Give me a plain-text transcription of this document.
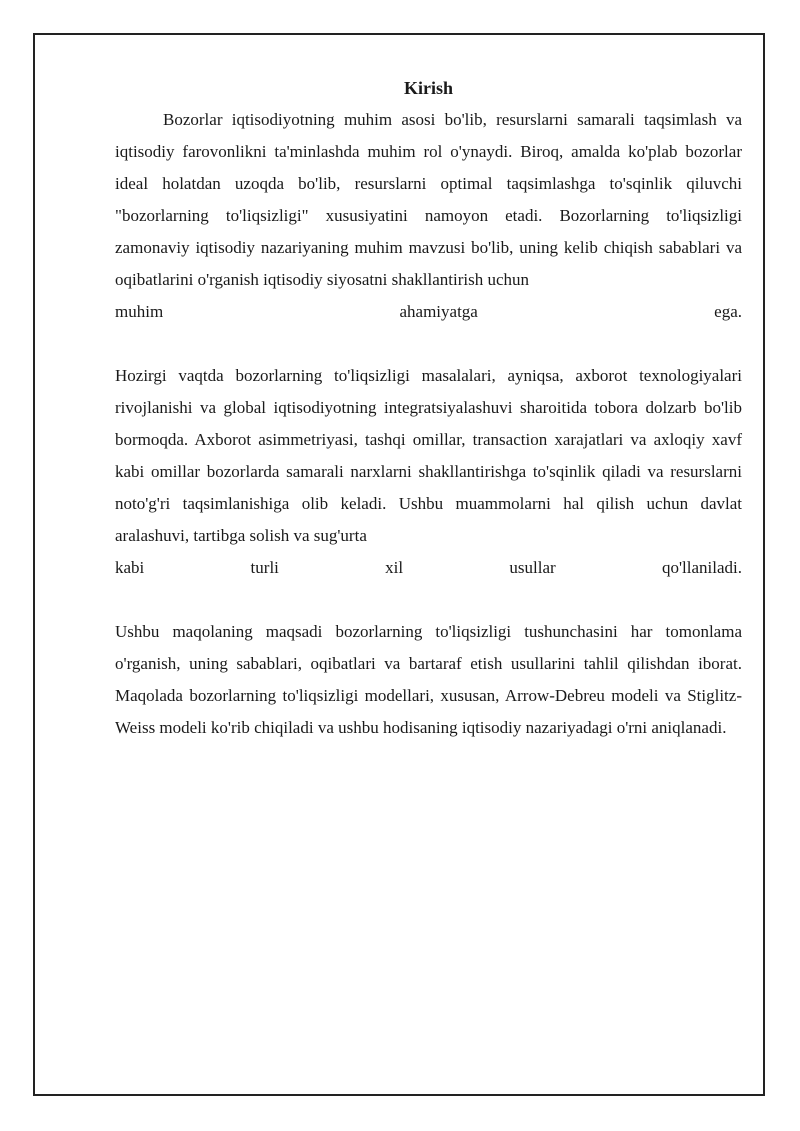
Kirish

Bozorlar iqtisodiyotning muhim asosi bo'lib, resurslarni samarali taqsimlash va iqtisodiy farovonlikni ta'minlashda muhim rol o'ynaydi. Biroq, amalda ko'plab bozorlar ideal holatdan uzoqda bo'lib, resurslarni optimal taqsimlashga to'sqinlik qiluvchi "bozorlarning to'liqsizligi" xususiyatini namoyon etadi. Bozorlarning to'liqsizligi zamonaviy iqtisodiy nazariyaning muhim mavzusi bo'lib, uning kelib chiqish sabablari va oqibatlarini o'rganish iqtisodiy siyosatni shakllantirish uchun

muhim ahamiyatga ega.

Hozirgi vaqtda bozorlarning to'liqsizligi masalalari, ayniqsa, axborot texnologiyalari rivojlanishi va global iqtisodiyotning integratsiyalashuvi sharoitida tobora dolzarb bo'lib bormoqda. Axborot asimmetriyasi, tashqi omillar, transaction xarajatlari va axloqiy xavf kabi omillar bozorlarda samarali narxlarni shakllantirishga to'sqinlik qiladi va resurslarni noto'g'ri taqsimlanishiga olib keladi. Ushbu muammolarni hal qilish uchun davlat aralashuvi, tartibga solish va sug'urta

kabi turli xil usullar qo'llaniladi.

Ushbu maqolaning maqsadi bozorlarning to'liqsizligi tushunchasini har tomonlama o'rganish, uning sabablari, oqibatlari va bartaraf etish usullarini tahlil qilishdan iborat. Maqolada bozorlarning to'liqsizligi modellari, xususan, Arrow-Debreu modeli va Stiglitz-Weiss modeli ko'rib chiqiladi va ushbu hodisaning iqtisodiy nazariyadagi o'rni aniqlanadi.
